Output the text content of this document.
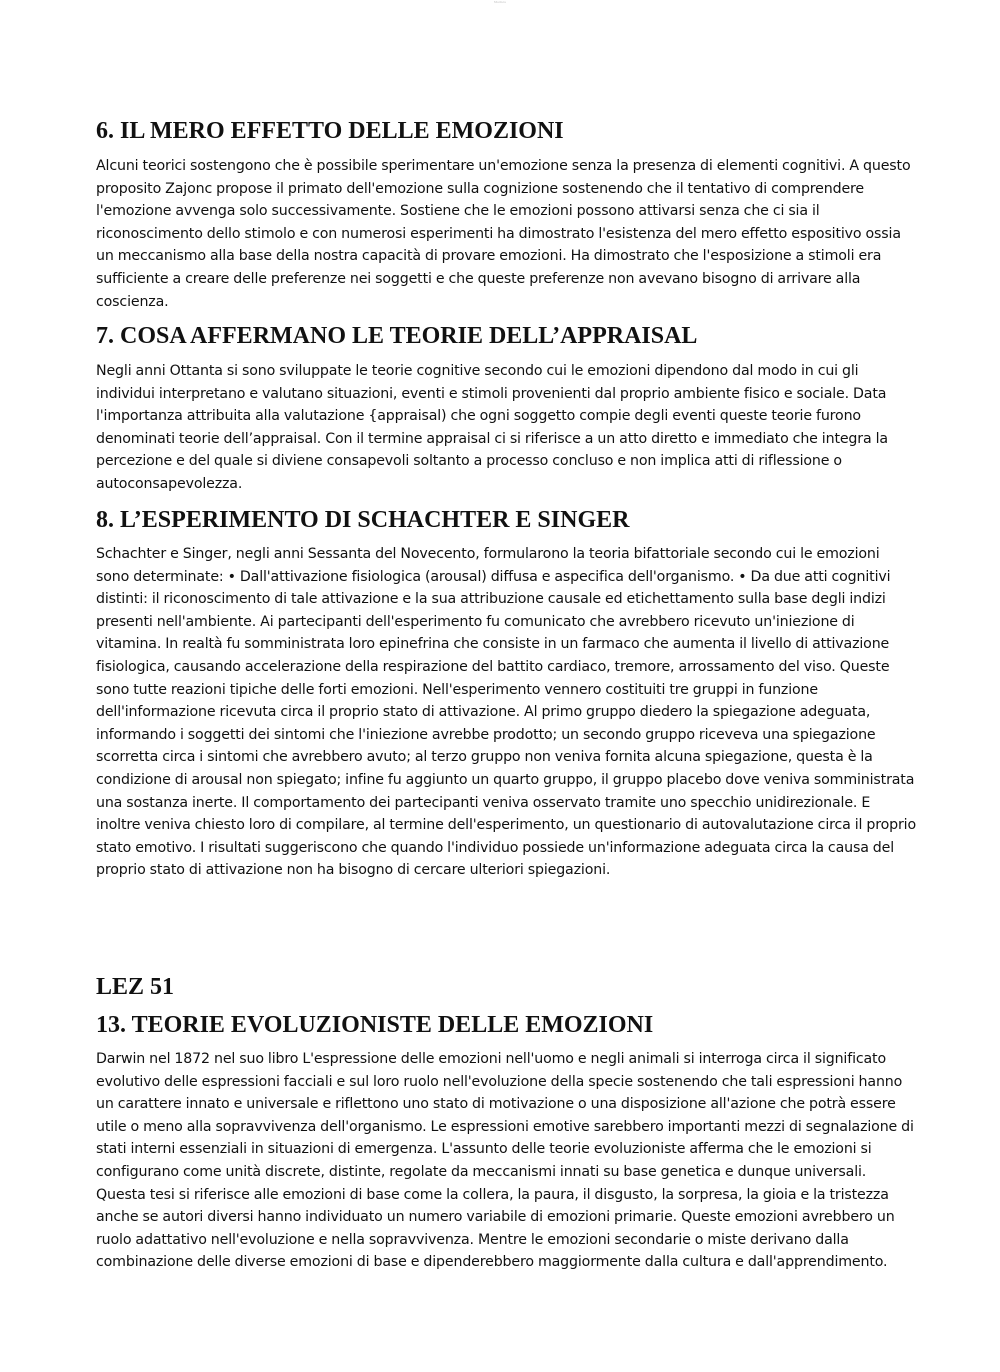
Studocu
6. IL MERO EFFETTO DELLE EMOZIONI

Alcuni teorici sostengono che è possibile sperimentare un'emozione senza la presenza di elementi cognitivi. A questo proposito Zajonc propose il primato dell'emozione sulla cognizione sostenendo che il tentativo di comprendere l'emozione avvenga solo successivamente. Sostiene che le emozioni possono attivarsi senza che ci sia il riconoscimento dello stimolo e con numerosi esperimenti ha dimostrato l'esistenza del mero effetto espositivo ossia un meccanismo alla base della nostra capacità di provare emozioni. Ha dimostrato che l'esposizione a stimoli era sufficiente a creare delle preferenze nei soggetti e che queste preferenze non avevano bisogno di arrivare alla coscienza.

7. COSA AFFERMANO LE TEORIE DELL’APPRAISAL

Negli anni Ottanta si sono sviluppate le teorie cognitive secondo cui le emozioni dipendono dal modo in cui gli individui interpretano e valutano situazioni, eventi e stimoli provenienti dal proprio ambiente fisico e sociale. Data l'importanza attribuita alla valutazione {appraisal) che ogni soggetto compie degli eventi queste teorie furono denominati teorie dell’appraisal. Con il termine appraisal ci si riferisce a un atto diretto e immediato che integra la percezione e del quale si diviene consapevoli soltanto a processo concluso e non implica atti di riflessione o autoconsapevolezza.

8. L’ESPERIMENTO DI SCHACHTER E SINGER

Schachter e Singer, negli anni Sessanta del Novecento, formularono la teoria bifattoriale secondo cui le emozioni sono determinate: • Dall'attivazione fisiologica (arousal) diffusa e aspecifica dell'organismo. • Da due atti cognitivi distinti: il riconoscimento di tale attivazione e la sua attribuzione causale ed etichettamento sulla base degli indizi presenti nell'ambiente. Ai partecipanti dell'esperimento fu comunicato che avrebbero ricevuto un'iniezione di vitamina. In realtà fu somministrata loro epinefrina che consiste in un farmaco che aumenta il livello di attivazione fisiologica, causando accelerazione della respirazione del battito cardiaco, tremore, arrossamento del viso. Queste sono tutte reazioni tipiche delle forti emozioni. Nell'esperimento vennero costituiti tre gruppi in funzione dell'informazione ricevuta circa il proprio stato di attivazione. Al primo gruppo diedero la spiegazione adeguata, informando i soggetti dei sintomi che l'iniezione avrebbe prodotto; un secondo gruppo riceveva una spiegazione scorretta circa i sintomi che avrebbero avuto; al terzo gruppo non veniva fornita alcuna spiegazione, questa è la condizione di arousal non spiegato; infine fu aggiunto un quarto gruppo, il gruppo placebo dove veniva somministrata una sostanza inerte. Il comportamento dei partecipanti veniva osservato tramite uno specchio unidirezionale. E inoltre veniva chiesto loro di compilare, al termine dell'esperimento, un questionario di autovalutazione circa il proprio stato emotivo. I risultati suggeriscono che quando l'individuo possiede un'informazione adeguata circa la causa del proprio stato di attivazione non ha bisogno di cercare ulteriori spiegazioni.

LEZ 51
13. TEORIE EVOLUZIONISTE DELLE EMOZIONI

Darwin nel 1872 nel suo libro L'espressione delle emozioni nell'uomo e negli animali si interroga circa il significato evolutivo delle espressioni facciali e sul loro ruolo nell'evoluzione della specie sostenendo che tali espressioni hanno un carattere innato e universale e riflettono uno stato di motivazione o una disposizione all'azione che potrà essere utile o meno alla sopravvivenza dell'organismo. Le espressioni emotive sarebbero importanti mezzi di segnalazione di stati interni essenziali in situazioni di emergenza. L'assunto delle teorie evoluzioniste afferma che le emozioni si configurano come unità discrete, distinte, regolate da meccanismi innati su base genetica e dunque universali. Questa tesi si riferisce alle emozioni di base come la collera, la paura, il disgusto, la sorpresa, la gioia e la tristezza anche se autori diversi hanno individuato un numero variabile di emozioni primarie. Queste emozioni avrebbero un ruolo adattativo nell'evoluzione e nella sopravvivenza. Mentre le emozioni secondarie o miste derivano dalla combinazione delle diverse emozioni di base e dipenderebbero maggiormente dalla cultura e dall'apprendimento.
